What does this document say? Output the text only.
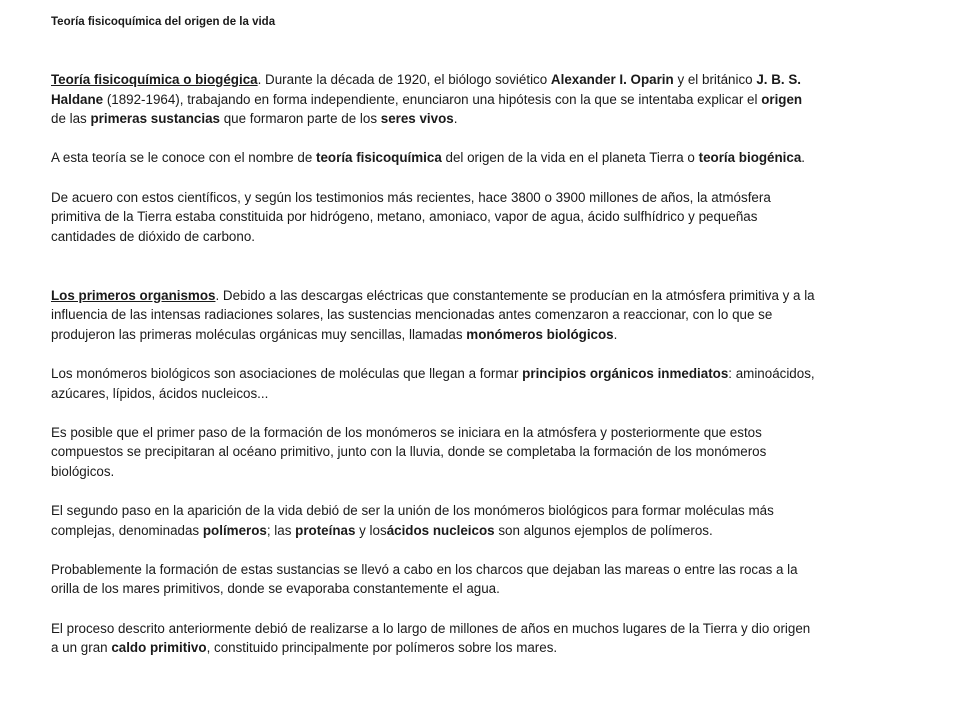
Teoría fisicoquímica del origen de la vida

Teoría fisicoquímica o biogégica. Durante la década de 1920, el biólogo soviético Alexander I. Oparin y el británico J. B. S. Haldane (1892-1964), trabajando en forma independiente, enunciaron una hipótesis con la que se intentaba explicar el origen de las primeras sustancias que formaron parte de los seres vivos.

A esta teoría se le conoce con el nombre de teoría fisicoquímica del origen de la vida en el planeta Tierra o teoría biogénica.

De acuero con estos científicos, y según los testimonios más recientes, hace 3800 o 3900 millones de años, la atmósfera primitiva de la Tierra estaba constituida por hidrógeno, metano, amoniaco, vapor de agua, ácido sulfhídrico y pequeñas cantidades de dióxido de carbono.

Los primeros organismos. Debido a las descargas eléctricas que constantemente se producían en la atmósfera primitiva y a la influencia de las intensas radiaciones solares, las sustencias mencionadas antes comenzaron a reaccionar, con lo que se produjeron las primeras moléculas orgánicas muy sencillas, llamadas monómeros biológicos.

Los monómeros biológicos son asociaciones de moléculas que llegan a formar principios orgánicos inmediatos: aminoácidos, azúcares, lípidos, ácidos nucleicos...

Es posible que el primer paso de la formación de los monómeros se iniciara en la atmósfera y posteriormente que estos compuestos se precipitaran al océano primitivo, junto con la lluvia, donde se completaba la formación de los monómeros biológicos.

El segundo paso en la aparición de la vida debió de ser la unión de los monómeros biológicos para formar moléculas más complejas, denominadas polímeros; las proteínas y losácidos nucleicos son algunos ejemplos de polímeros.

Probablemente la formación de estas sustancias se llevó a cabo en los charcos que dejaban las mareas o entre las rocas a la orilla de los mares primitivos, donde se evaporaba constantemente el agua.

El proceso descrito anteriormente debió de realizarse a lo largo de millones de años en muchos lugares de la Tierra y dio origen a un gran caldo primitivo, constituido principalmente por polímeros sobre los mares.
